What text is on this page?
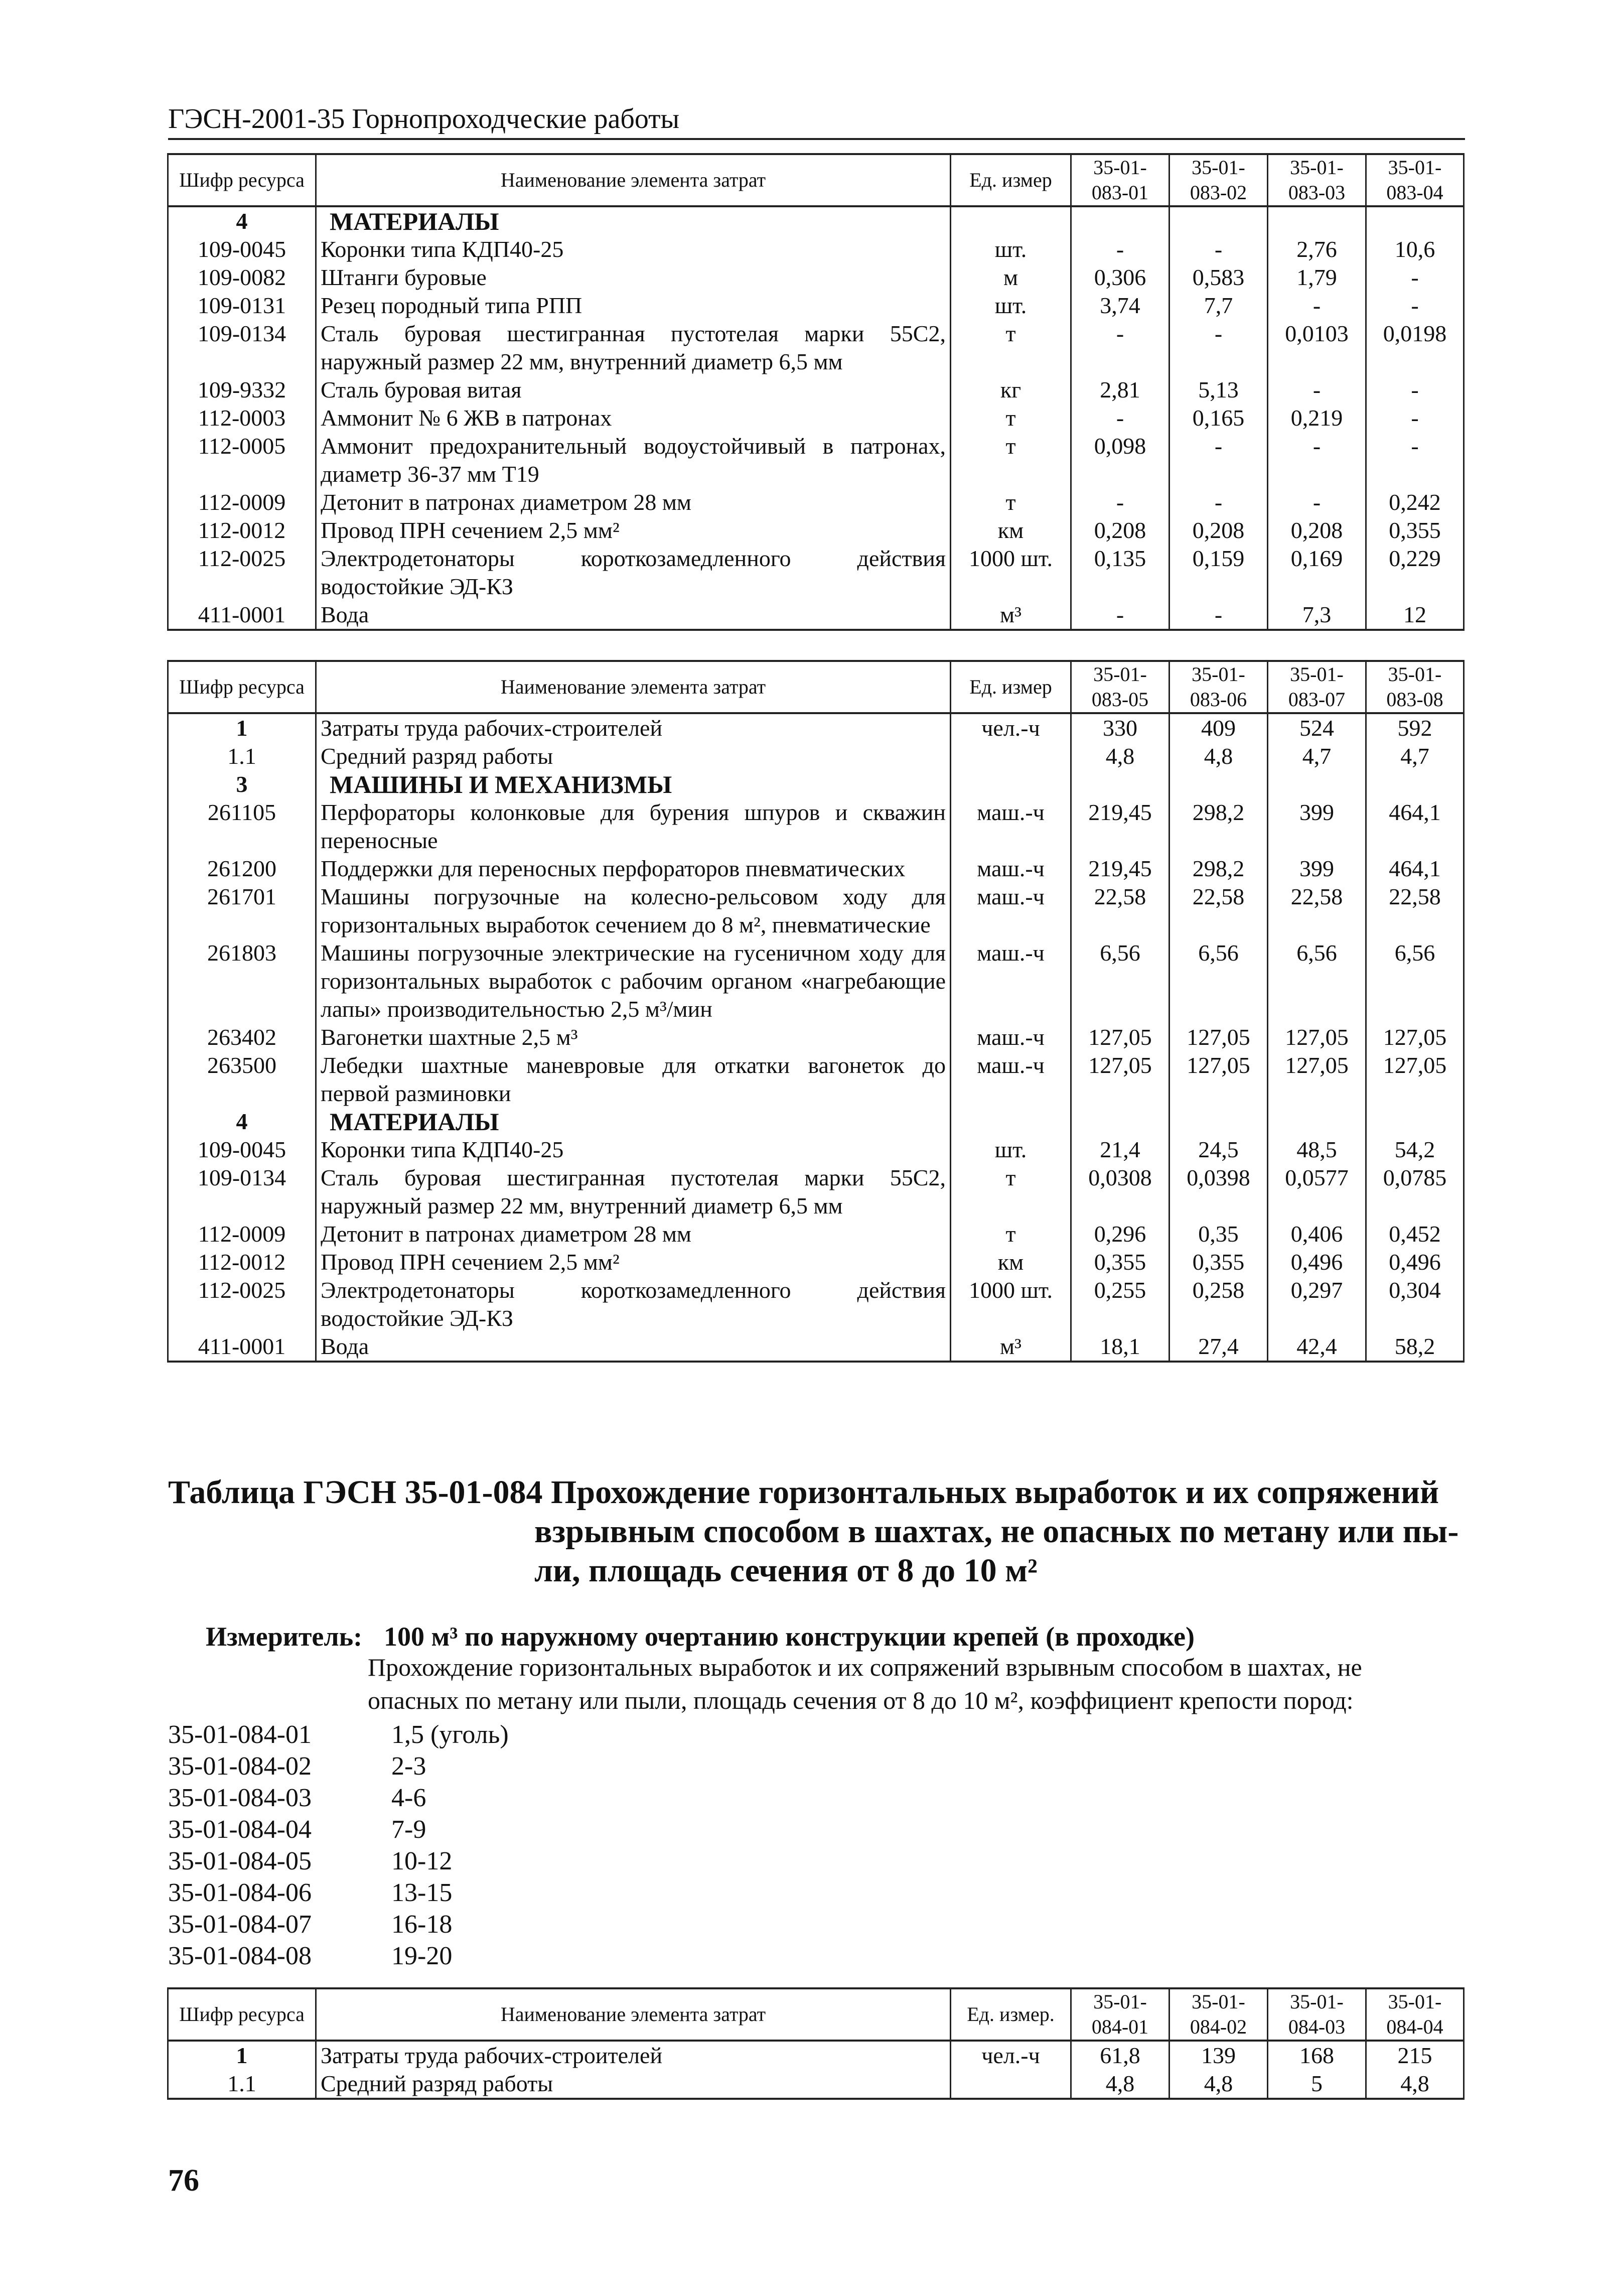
ГЭСН-2001-35 Горнопроходческие работы
Шифр ресурса	Наименование элемента затрат	Ед. измер	35-01-083-01	35-01-083-02	35-01-083-03	35-01-083-04
4	МАТЕРИАЛЫ					
109-0045	Коронки типа КДП40-25	шт.	-	-	2,76	10,6
109-0082	Штанги буровые	м	0,306	0,583	1,79	-
109-0131	Резец породный типа РПП	шт.	3,74	7,7	-	-
109-0134	Сталь буровая шестигранная пустотелая марки 55С2, наружный размер 22 мм, внутренний диаметр 6,5 мм	т	-	-	0,0103	0,0198
109-9332	Сталь буровая витая	кг	2,81	5,13	-	-
112-0003	Аммонит № 6 ЖВ в патронах	т	-	0,165	0,219	-
112-0005	Аммонит предохранительный водоустойчивый в патронах, диаметр 36-37 мм Т19	т	0,098	-	-	-
112-0009	Детонит в патронах диаметром 28 мм	т	-	-	-	0,242
112-0012	Провод ПРН сечением 2,5 мм²	км	0,208	0,208	0,208	0,355
112-0025	Электродетонаторы короткозамедленного действия водостойкие ЭД-КЗ	1000 шт.	0,135	0,159	0,169	0,229
411-0001	Вода	м³	-	-	7,3	12
Шифр ресурса	Наименование элемента затрат	Ед. измер	35-01-083-05	35-01-083-06	35-01-083-07	35-01-083-08
1	Затраты труда рабочих-строителей	чел.-ч	330	409	524	592
1.1	Средний разряд работы		4,8	4,8	4,7	4,7
3	МАШИНЫ И МЕХАНИЗМЫ					
261105	Перфораторы колонковые для бурения шпуров и скважин переносные	маш.-ч	219,45	298,2	399	464,1
261200	Поддержки для переносных перфораторов пневматических	маш.-ч	219,45	298,2	399	464,1
261701	Машины погрузочные на колесно-рельсовом ходу для горизонтальных выработок сечением до 8 м², пневматические	маш.-ч	22,58	22,58	22,58	22,58
261803	Машины погрузочные электрические на гусеничном ходу для горизонтальных выработок с рабочим органом «нагребающие лапы» производительностью 2,5 м³/мин	маш.-ч	6,56	6,56	6,56	6,56
263402	Вагонетки шахтные 2,5 м³	маш.-ч	127,05	127,05	127,05	127,05
263500	Лебедки шахтные маневровые для откатки вагонеток до первой разминовки	маш.-ч	127,05	127,05	127,05	127,05
4	МАТЕРИАЛЫ					
109-0045	Коронки типа КДП40-25	шт.	21,4	24,5	48,5	54,2
109-0134	Сталь буровая шестигранная пустотелая марки 55С2, наружный размер 22 мм, внутренний диаметр 6,5 мм	т	0,0308	0,0398	0,0577	0,0785
112-0009	Детонит в патронах диаметром 28 мм	т	0,296	0,35	0,406	0,452
112-0012	Провод ПРН сечением 2,5 мм²	км	0,355	0,355	0,496	0,496
112-0025	Электродетонаторы короткозамедленного действия водостойкие ЭД-КЗ	1000 шт.	0,255	0,258	0,297	0,304
411-0001	Вода	м³	18,1	27,4	42,4	58,2
Таблица ГЭСН 35-01-084 Прохождение горизонтальных выработок и их сопряжений
взрывным способом в шахтах, не опасных по метану или пы-
ли, площадь сечения от 8 до 10 м²
Измеритель: 100 м³ по наружному очертанию конструкции крепей (в проходке)
Прохождение горизонтальных выработок и их сопряжений взрывным способом в шахтах, не
опасных по метану или пыли, площадь сечения от 8 до 10 м², коэффициент крепости пород:
35-01-084-01	1,5 (уголь)
35-01-084-02	2-3
35-01-084-03	4-6
35-01-084-04	7-9
35-01-084-05	10-12
35-01-084-06	13-15
35-01-084-07	16-18
35-01-084-08	19-20
Шифр ресурса	Наименование элемента затрат	Ед. измер.	35-01-084-01	35-01-084-02	35-01-084-03	35-01-084-04
1	Затраты труда рабочих-строителей	чел.-ч	61,8	139	168	215
1.1	Средний разряд работы		4,8	4,8	5	4,8
76
